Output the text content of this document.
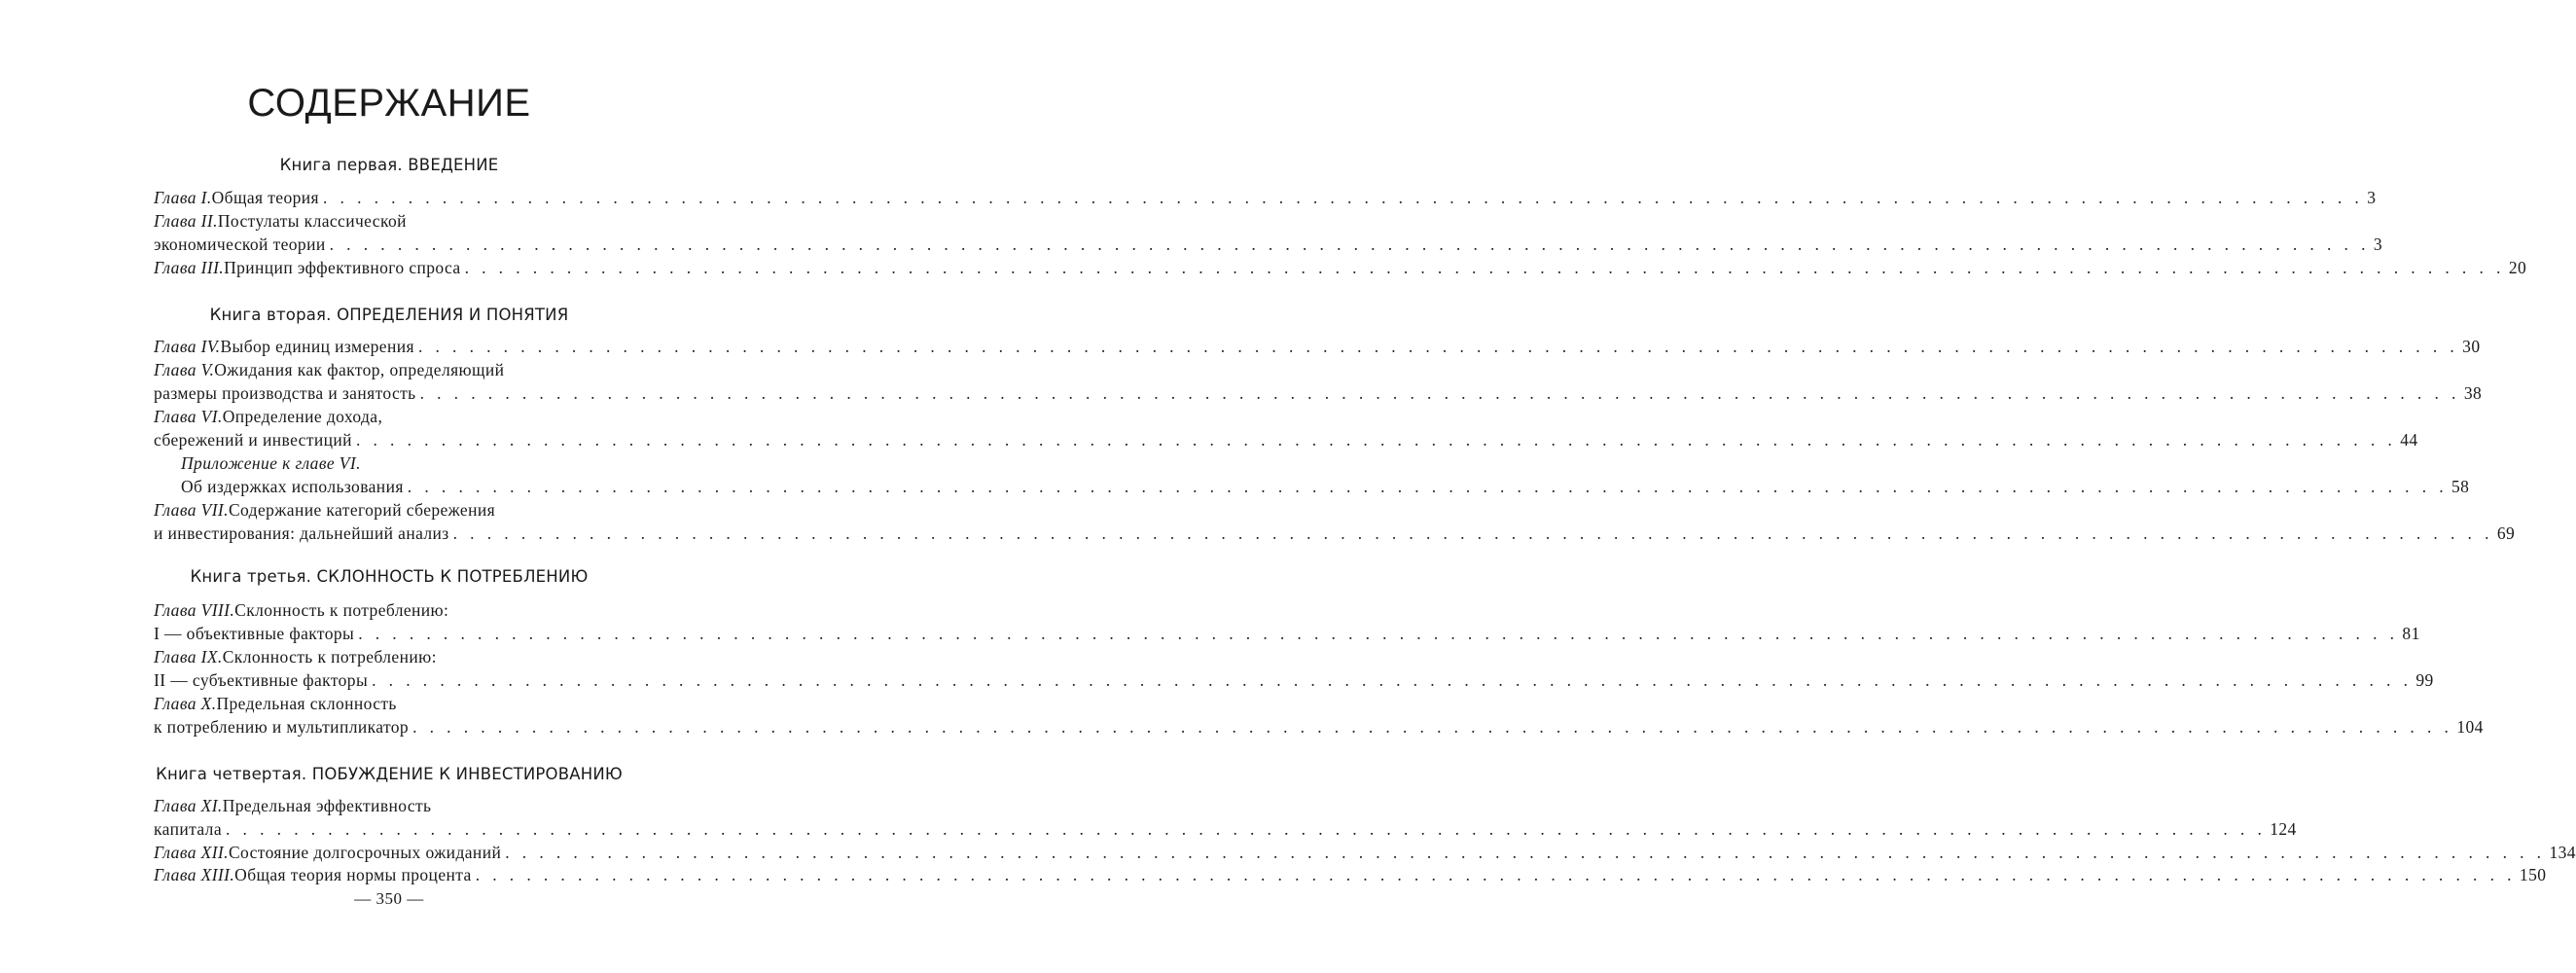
СОДЕРЖАНИЕ
Книга первая. ВВЕДЕНИЕ
Глава I. Общая теория . . . . . . . . . . . . . . . . . . . . . . . . . . . . . . . . . . . . . . . . . . . . . . . . . . . . . . . . . . . . . . . . . . . . . . . . . . . . . . . . . . . . . . . . . . . . . . . . . . . . . . . . . . . . . . . . . . . . . . . . 3
Глава II. Постулаты классической
экономической теории . . . . . . . . . . . . . . . . . . . . . . . . . . . . . . . . . . . . . . . . . . . . . . . . . . . . . . . . . . . . . . . . . . . . . . . . . . . . . . . . . . . . . . . . . . . . . . . . . . . . . . . . . . . . . . . . . . . . . . . . 3
Глава III. Принцип эффективного спроса . . . . . . . . . . . . . . . . . . . . . . . . . . . . . . . . . . . . . . . . . . . . . . . . . . . . . . . . . . . . . . . . . . . . . . . . . . . . . . . . . . . . . . . . . . . . . . . . . . . . . . . . . . . . . . . . . . . . . . . . 20
Книга вторая. ОПРЕДЕЛЕНИЯ И ПОНЯТИЯ
Глава IV. Выбор единиц измерения . . . . . . . . . . . . . . . . . . . . . . . . . . . . . . . . . . . . . . . . . . . . . . . . . . . . . . . . . . . . . . . . . . . . . . . . . . . . . . . . . . . . . . . . . . . . . . . . . . . . . . . . . . . . . . . . . . . . . . . . 30
Глава V. Ожидания как фактор, определяющий
размеры производства и занятость . . . . . . . . . . . . . . . . . . . . . . . . . . . . . . . . . . . . . . . . . . . . . . . . . . . . . . . . . . . . . . . . . . . . . . . . . . . . . . . . . . . . . . . . . . . . . . . . . . . . . . . . . . . . . . . . . . . . . . . . 38
Глава VI. Определение дохода,
сбережений и инвестиций . . . . . . . . . . . . . . . . . . . . . . . . . . . . . . . . . . . . . . . . . . . . . . . . . . . . . . . . . . . . . . . . . . . . . . . . . . . . . . . . . . . . . . . . . . . . . . . . . . . . . . . . . . . . . . . . . . . . . . . . 44
Приложение к главе VI.
Об издержках использования . . . . . . . . . . . . . . . . . . . . . . . . . . . . . . . . . . . . . . . . . . . . . . . . . . . . . . . . . . . . . . . . . . . . . . . . . . . . . . . . . . . . . . . . . . . . . . . . . . . . . . . . . . . . . . . . . . . . . . . . 58
Глава VII. Содержание категорий сбережения
и инвестирования: дальнейший анализ . . . . . . . . . . . . . . . . . . . . . . . . . . . . . . . . . . . . . . . . . . . . . . . . . . . . . . . . . . . . . . . . . . . . . . . . . . . . . . . . . . . . . . . . . . . . . . . . . . . . . . . . . . . . . . . . . . . . . . . . 69
Книга третья. СКЛОННОСТЬ К ПОТРЕБЛЕНИЮ
Глава VIII. Склонность к потреблению:
I — объективные факторы . . . . . . . . . . . . . . . . . . . . . . . . . . . . . . . . . . . . . . . . . . . . . . . . . . . . . . . . . . . . . . . . . . . . . . . . . . . . . . . . . . . . . . . . . . . . . . . . . . . . . . . . . . . . . . . . . . . . . . . . 81
Глава IX. Склонность к потреблению:
II — субъективные факторы . . . . . . . . . . . . . . . . . . . . . . . . . . . . . . . . . . . . . . . . . . . . . . . . . . . . . . . . . . . . . . . . . . . . . . . . . . . . . . . . . . . . . . . . . . . . . . . . . . . . . . . . . . . . . . . . . . . . . . . . 99
Глава X. Предельная склонность
к потреблению и мультипликатор . . . . . . . . . . . . . . . . . . . . . . . . . . . . . . . . . . . . . . . . . . . . . . . . . . . . . . . . . . . . . . . . . . . . . . . . . . . . . . . . . . . . . . . . . . . . . . . . . . . . . . . . . . . . . . . . . . . . . . . . 104
Книга четвертая. ПОБУЖДЕНИЕ К ИНВЕСТИРОВАНИЮ
Глава XI. Предельная эффективность
капитала . . . . . . . . . . . . . . . . . . . . . . . . . . . . . . . . . . . . . . . . . . . . . . . . . . . . . . . . . . . . . . . . . . . . . . . . . . . . . . . . . . . . . . . . . . . . . . . . . . . . . . . . . . . . . . . . . . . . . . . . 124
Глава XII. Состояние долгосрочных ожиданий . . . . . . . . . . . . . . . . . . . . . . . . . . . . . . . . . . . . . . . . . . . . . . . . . . . . . . . . . . . . . . . . . . . . . . . . . . . . . . . . . . . . . . . . . . . . . . . . . . . . . . . . . . . . . . . . . . . . . . . . 134
Глава XIII. Общая теория нормы процента . . . . . . . . . . . . . . . . . . . . . . . . . . . . . . . . . . . . . . . . . . . . . . . . . . . . . . . . . . . . . . . . . . . . . . . . . . . . . . . . . . . . . . . . . . . . . . . . . . . . . . . . . . . . . . . . . . . . . . . . 150
— 350 —
